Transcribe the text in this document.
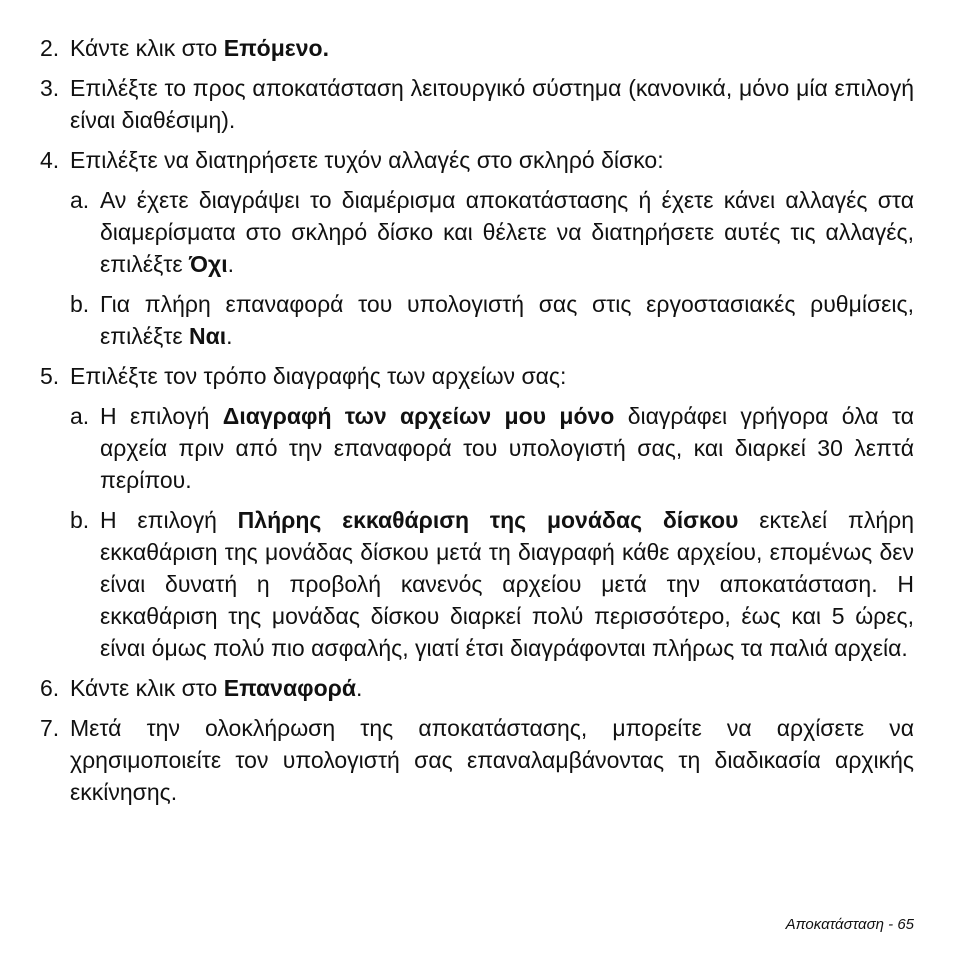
2. Κάντε κλικ στο Επόμενο.
3. Επιλέξτε το προς αποκατάσταση λειτουργικό σύστημα (κανονικά, μόνο μία επιλογή είναι διαθέσιμη).
4. Επιλέξτε να διατηρήσετε τυχόν αλλαγές στο σκληρό δίσκο:
a. Αν έχετε διαγράψει το διαμέρισμα αποκατάστασης ή έχετε κάνει αλλαγές στα διαμερίσματα στο σκληρό δίσκο και θέλετε να διατηρήσετε αυτές τις αλλαγές, επιλέξτε Όχι.
b. Για πλήρη επαναφορά του υπολογιστή σας στις εργοστασιακές ρυθμίσεις, επιλέξτε Ναι.
5. Επιλέξτε τον τρόπο διαγραφής των αρχείων σας:
a. Η επιλογή Διαγραφή των αρχείων μου μόνο διαγράφει γρήγορα όλα τα αρχεία πριν από την επαναφορά του υπολογιστή σας, και διαρκεί 30 λεπτά περίπου.
b. Η επιλογή Πλήρης εκκαθάριση της μονάδας δίσκου εκτελεί πλήρη εκκαθάριση της μονάδας δίσκου μετά τη διαγραφή κάθε αρχείου, επομένως δεν είναι δυνατή η προβολή κανενός αρχείου μετά την αποκατάσταση. Η εκκαθάριση της μονάδας δίσκου διαρκεί πολύ περισσότερο, έως και 5 ώρες, είναι όμως πολύ πιο ασφαλής, γιατί έτσι διαγράφονται πλήρως τα παλιά αρχεία.
6. Κάντε κλικ στο Επαναφορά.
7. Μετά την ολοκλήρωση της αποκατάστασης, μπορείτε να αρχίσετε να χρησιμοποιείτε τον υπολογιστή σας επαναλαμβάνοντας τη διαδικασία αρχικής εκκίνησης.
Αποκατάσταση - 65
